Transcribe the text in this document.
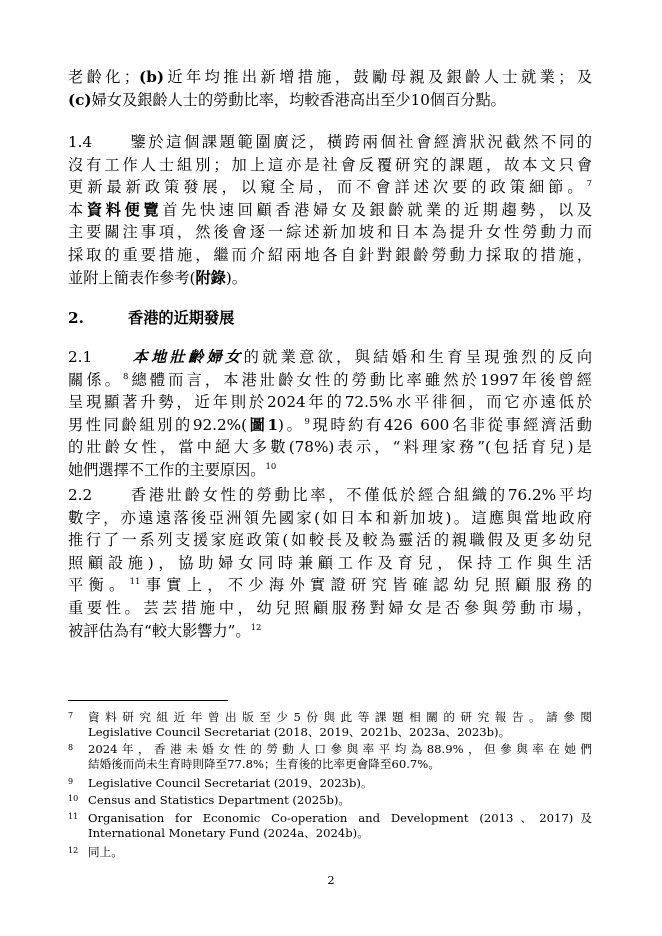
老齡化；(b)近年均推出新增措施，鼓勵母親及銀齡人士就業；及
(c)婦女及銀齡人士的勞動比率，均較香港高出至少10個百分點。
1.4　　鑒於這個課題範圍廣泛，橫跨兩個社會經濟狀況截然不同的
沒有工作人士組別；加上這亦是社會反覆研究的課題，故本文只會
更新最新政策發展，以窺全局，而不會詳述次要的政策細節。$^7$
本資料便覽首先快速回顧香港婦女及銀齡就業的近期趨勢，以及
主要關注事項，然後會逐一綜述新加坡和日本為提升女性勞動力而
採取的重要措施，繼而介紹兩地各自針對銀齡勞動力採取的措施，
並附上簡表作參考(附錄)。
2.	香港的近期發展
2.1　　本地壯齡婦女的就業意欲，與結婚和生育呈現強烈的反向
關係。$^8$總體而言，本港壯齡女性的勞動比率雖然於1997年後曾經
呈現顯著升勢，近年則於2024年的72.5%水平徘徊，而它亦遠低於
男性同齡組別的92.2%(圖1)。$^9$現時約有426 600名非從事經濟活動
的壯齡女性，當中絕大多數(78%)表示，“料理家務”(包括育兒)是
她們選擇不工作的主要原因。$^{10}$
2.2　　香港壯齡女性的勞動比率，不僅低於經合組織的76.2%平均
數字，亦遠遠落後亞洲領先國家(如日本和新加坡)。這應與當地政府
推行了一系列支援家庭政策(如較長及較為靈活的親職假及更多幼兒
照顧設施)，協助婦女同時兼顧工作及育兒，保持工作與生活
平衡。$^{11}$事實上，不少海外實證研究皆確認幼兒照顧服務的
重要性。芸芸措施中，幼兒照顧服務對婦女是否參與勞動市場，
被評估為有“較大影響力”。$^{12}$
7 資料研究組近年曾出版至少5份與此等課題相關的研究報告。請參閱
Legislative Council Secretariat (2018、2019、2021b、2023a、2023b)。
8 2024年，香港未婚女性的勞動人口參與率平均為88.9%，但參與率在她們
結婚後而尚未生育時則降至77.8%；生育後的比率更會降至60.7%。
9 Legislative Council Secretariat (2019、2023b)。
10 Census and Statistics Department (2025b)。
11 Organisation for Economic Co-operation and Development (2013、2017)及
International Monetary Fund (2024a、2024b)。
12 同上。
2
